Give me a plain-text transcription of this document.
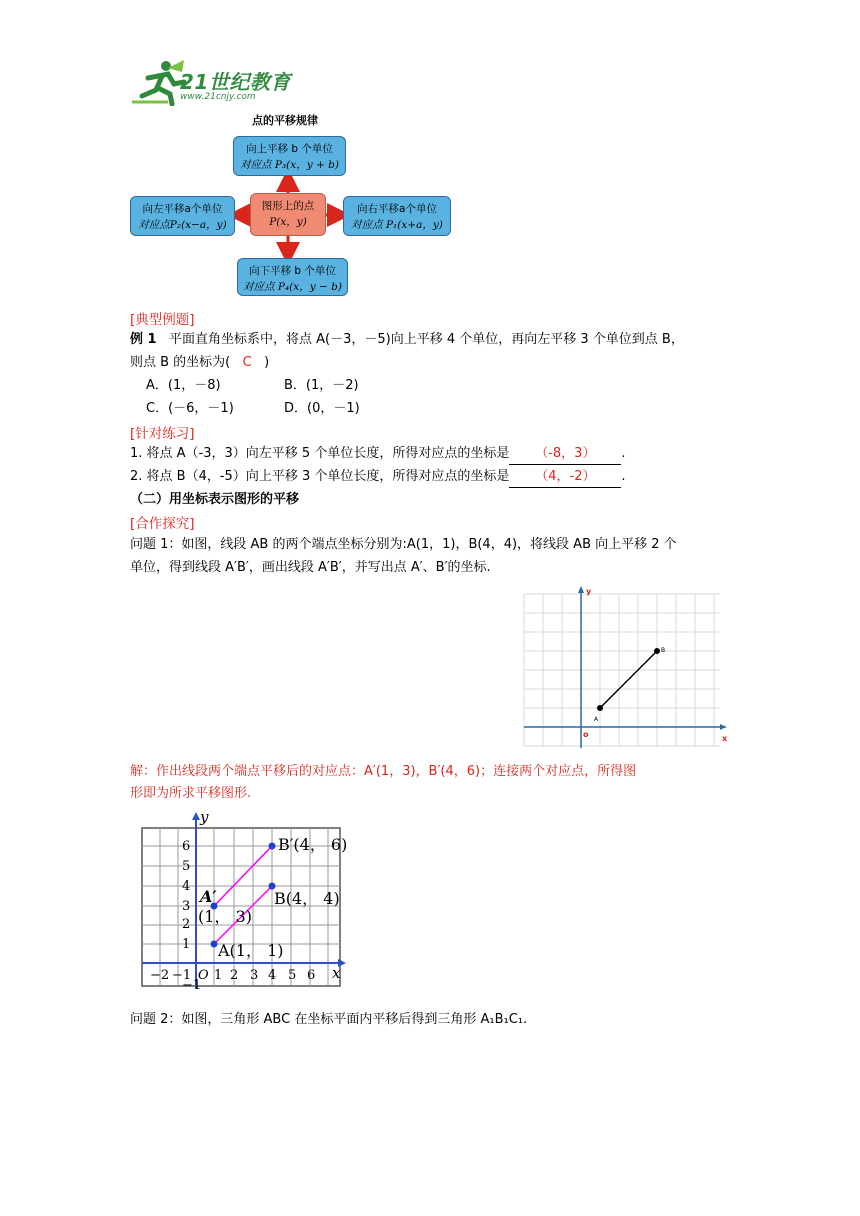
21世纪教育
www.21cnjy.com
点的平移规律
向上平移 b 个单位
对应点 P₃(x，y + b)
向左平移a个单位
对应点P₂(x−a，y)
图形上的点
P(x，y)
向右平移a个单位
对应点 P₁(x+a，y)
向下平移 b 个单位
对应点 P₄(x，y − b)
[典型例题]
例 1 平面直角坐标系中，将点 A(－3，－5)向上平移 4 个单位，再向左平移 3 个单位到点 B，
则点 B 的坐标为( C )
A．(1，－8)	B．(1，－2)
C．(－6，－1)	D．(0，－1)
[针对练习]
1. 将点 A（-3，3）向左平移 5 个单位长度，所得对应点的坐标是 （-8，3） .
2. 将点 B（4，-5）向上平移 3 个单位长度，所得对应点的坐标是 （4，-2） .
（二）用坐标表示图形的平移
[合作探究]
问题 1：如图，线段 AB 的两个端点坐标分别为:A(1，1)，B(4，4)，将线段 AB 向上平移 2 个
单位，得到线段 A′B′，画出线段 A′B′，并写出点 A′、B′的坐标.
A
B
y
x
o
解：作出线段两个端点平移后的对应点：A′(1，3)，B′(4，6)；连接两个对应点，所得图
形即为所求平移图形.
y
x
6
5
4
3
2
1
−1
−2 −1 O 1 2 3 4 5 6
B′(4， 6)
A′
(1， 3)
B(4， 4)
A(1， 1)
问题 2：如图，三角形 ABC 在坐标平面内平移后得到三角形 A₁B₁C₁.
